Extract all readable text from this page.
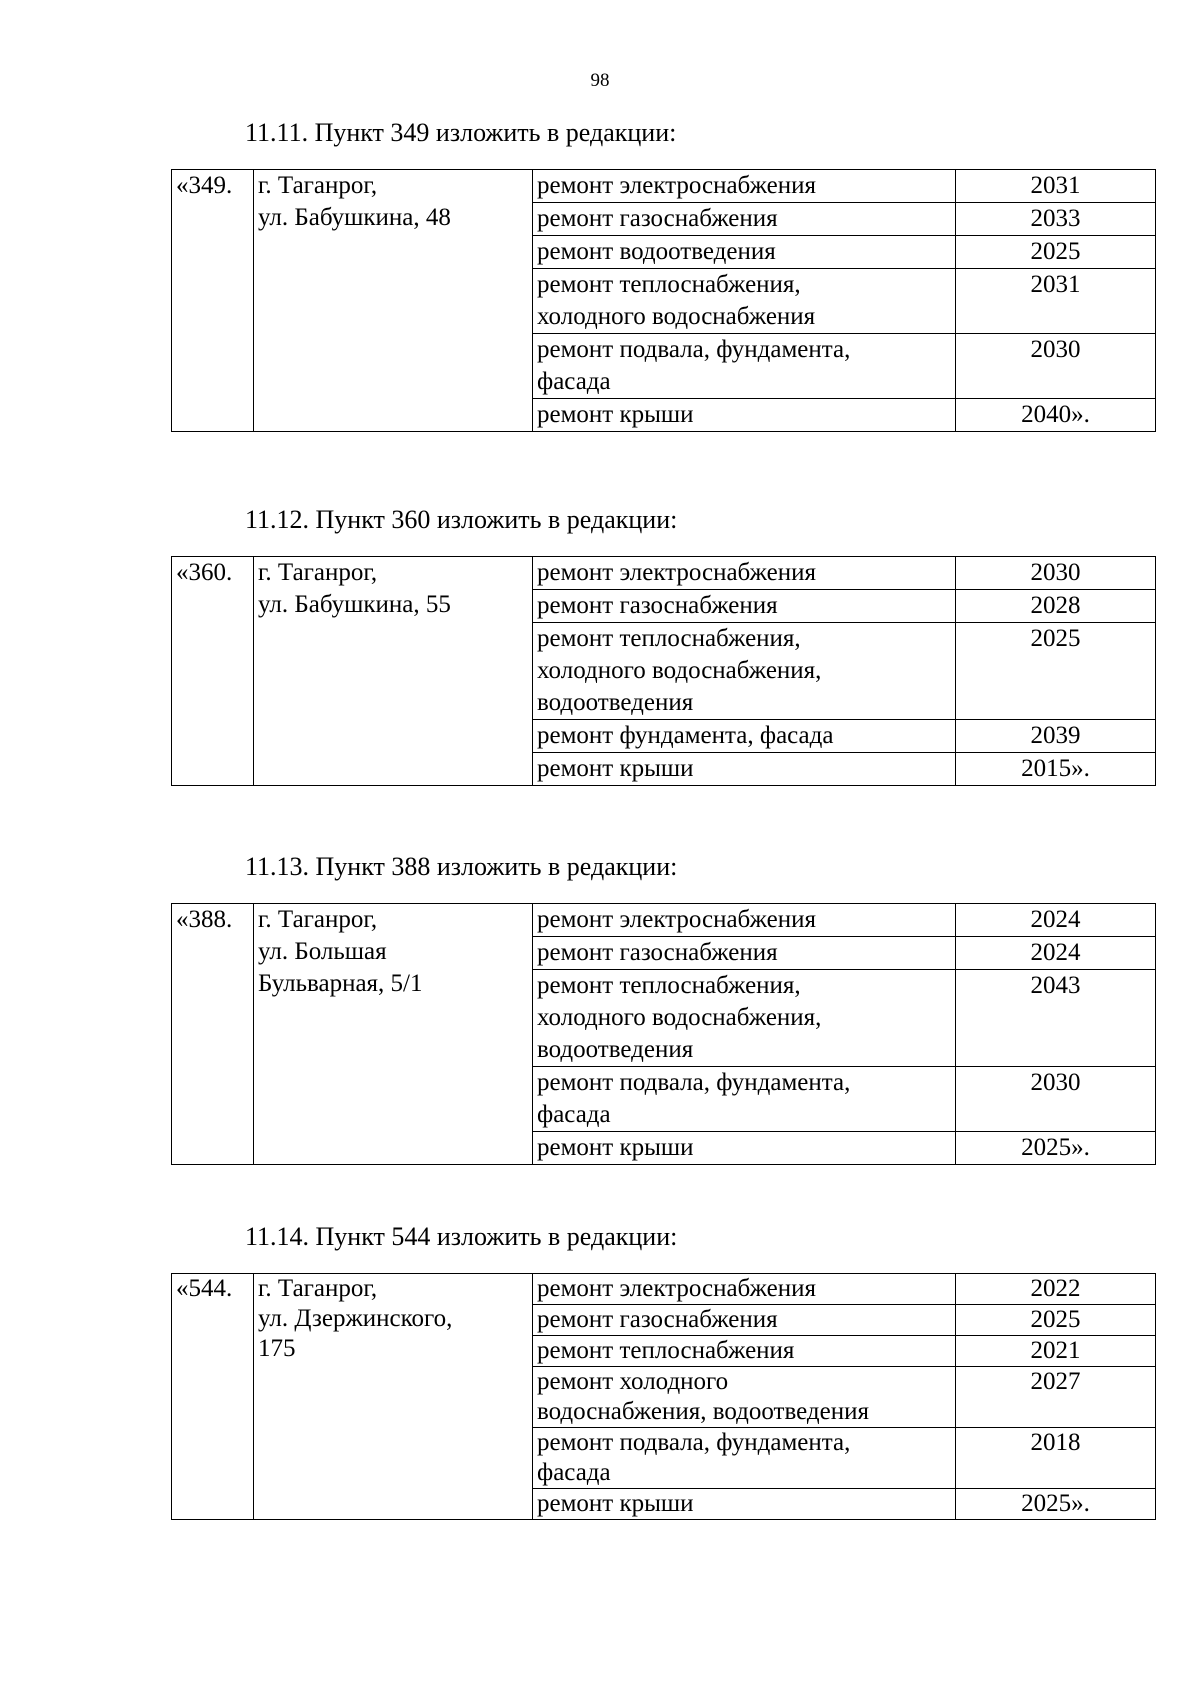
98
11.11. Пункт 349 изложить в редакции:
«349.	г. Таганрог,
ул. Бабушкина, 48	ремонт электроснабжения	2031

		ремонт газоснабжения	2033

		ремонт водоотведения	2025

		ремонт теплоснабжения,
холодного водоснабжения	2031

		ремонт подвала, фундамента,
фасада	2030

		ремонт крыши	2040».
11.12. Пункт 360 изложить в редакции:
«360.	г. Таганрог,
ул. Бабушкина, 55	ремонт электроснабжения	2030

		ремонт газоснабжения	2028

		ремонт теплоснабжения,
холодного водоснабжения,
водоотведения	2025

		ремонт фундамента, фасада	2039

		ремонт крыши	2015».
11.13. Пункт 388 изложить в редакции:
«388.	г. Таганрог,
ул. Большая
Бульварная, 5/1	ремонт электроснабжения	2024

		ремонт газоснабжения	2024

		ремонт теплоснабжения,
холодного водоснабжения,
водоотведения	2043

		ремонт подвала, фундамента,
фасада	2030

		ремонт крыши	2025».
11.14. Пункт 544 изложить в редакции:
«544.	г. Таганрог,
ул. Дзержинского,
175	ремонт электроснабжения	2022

		ремонт газоснабжения	2025

		ремонт теплоснабжения	2021

		ремонт холодного
водоснабжения, водоотведения	2027

		ремонт подвала, фундамента,
фасада	2018

		ремонт крыши	2025».
